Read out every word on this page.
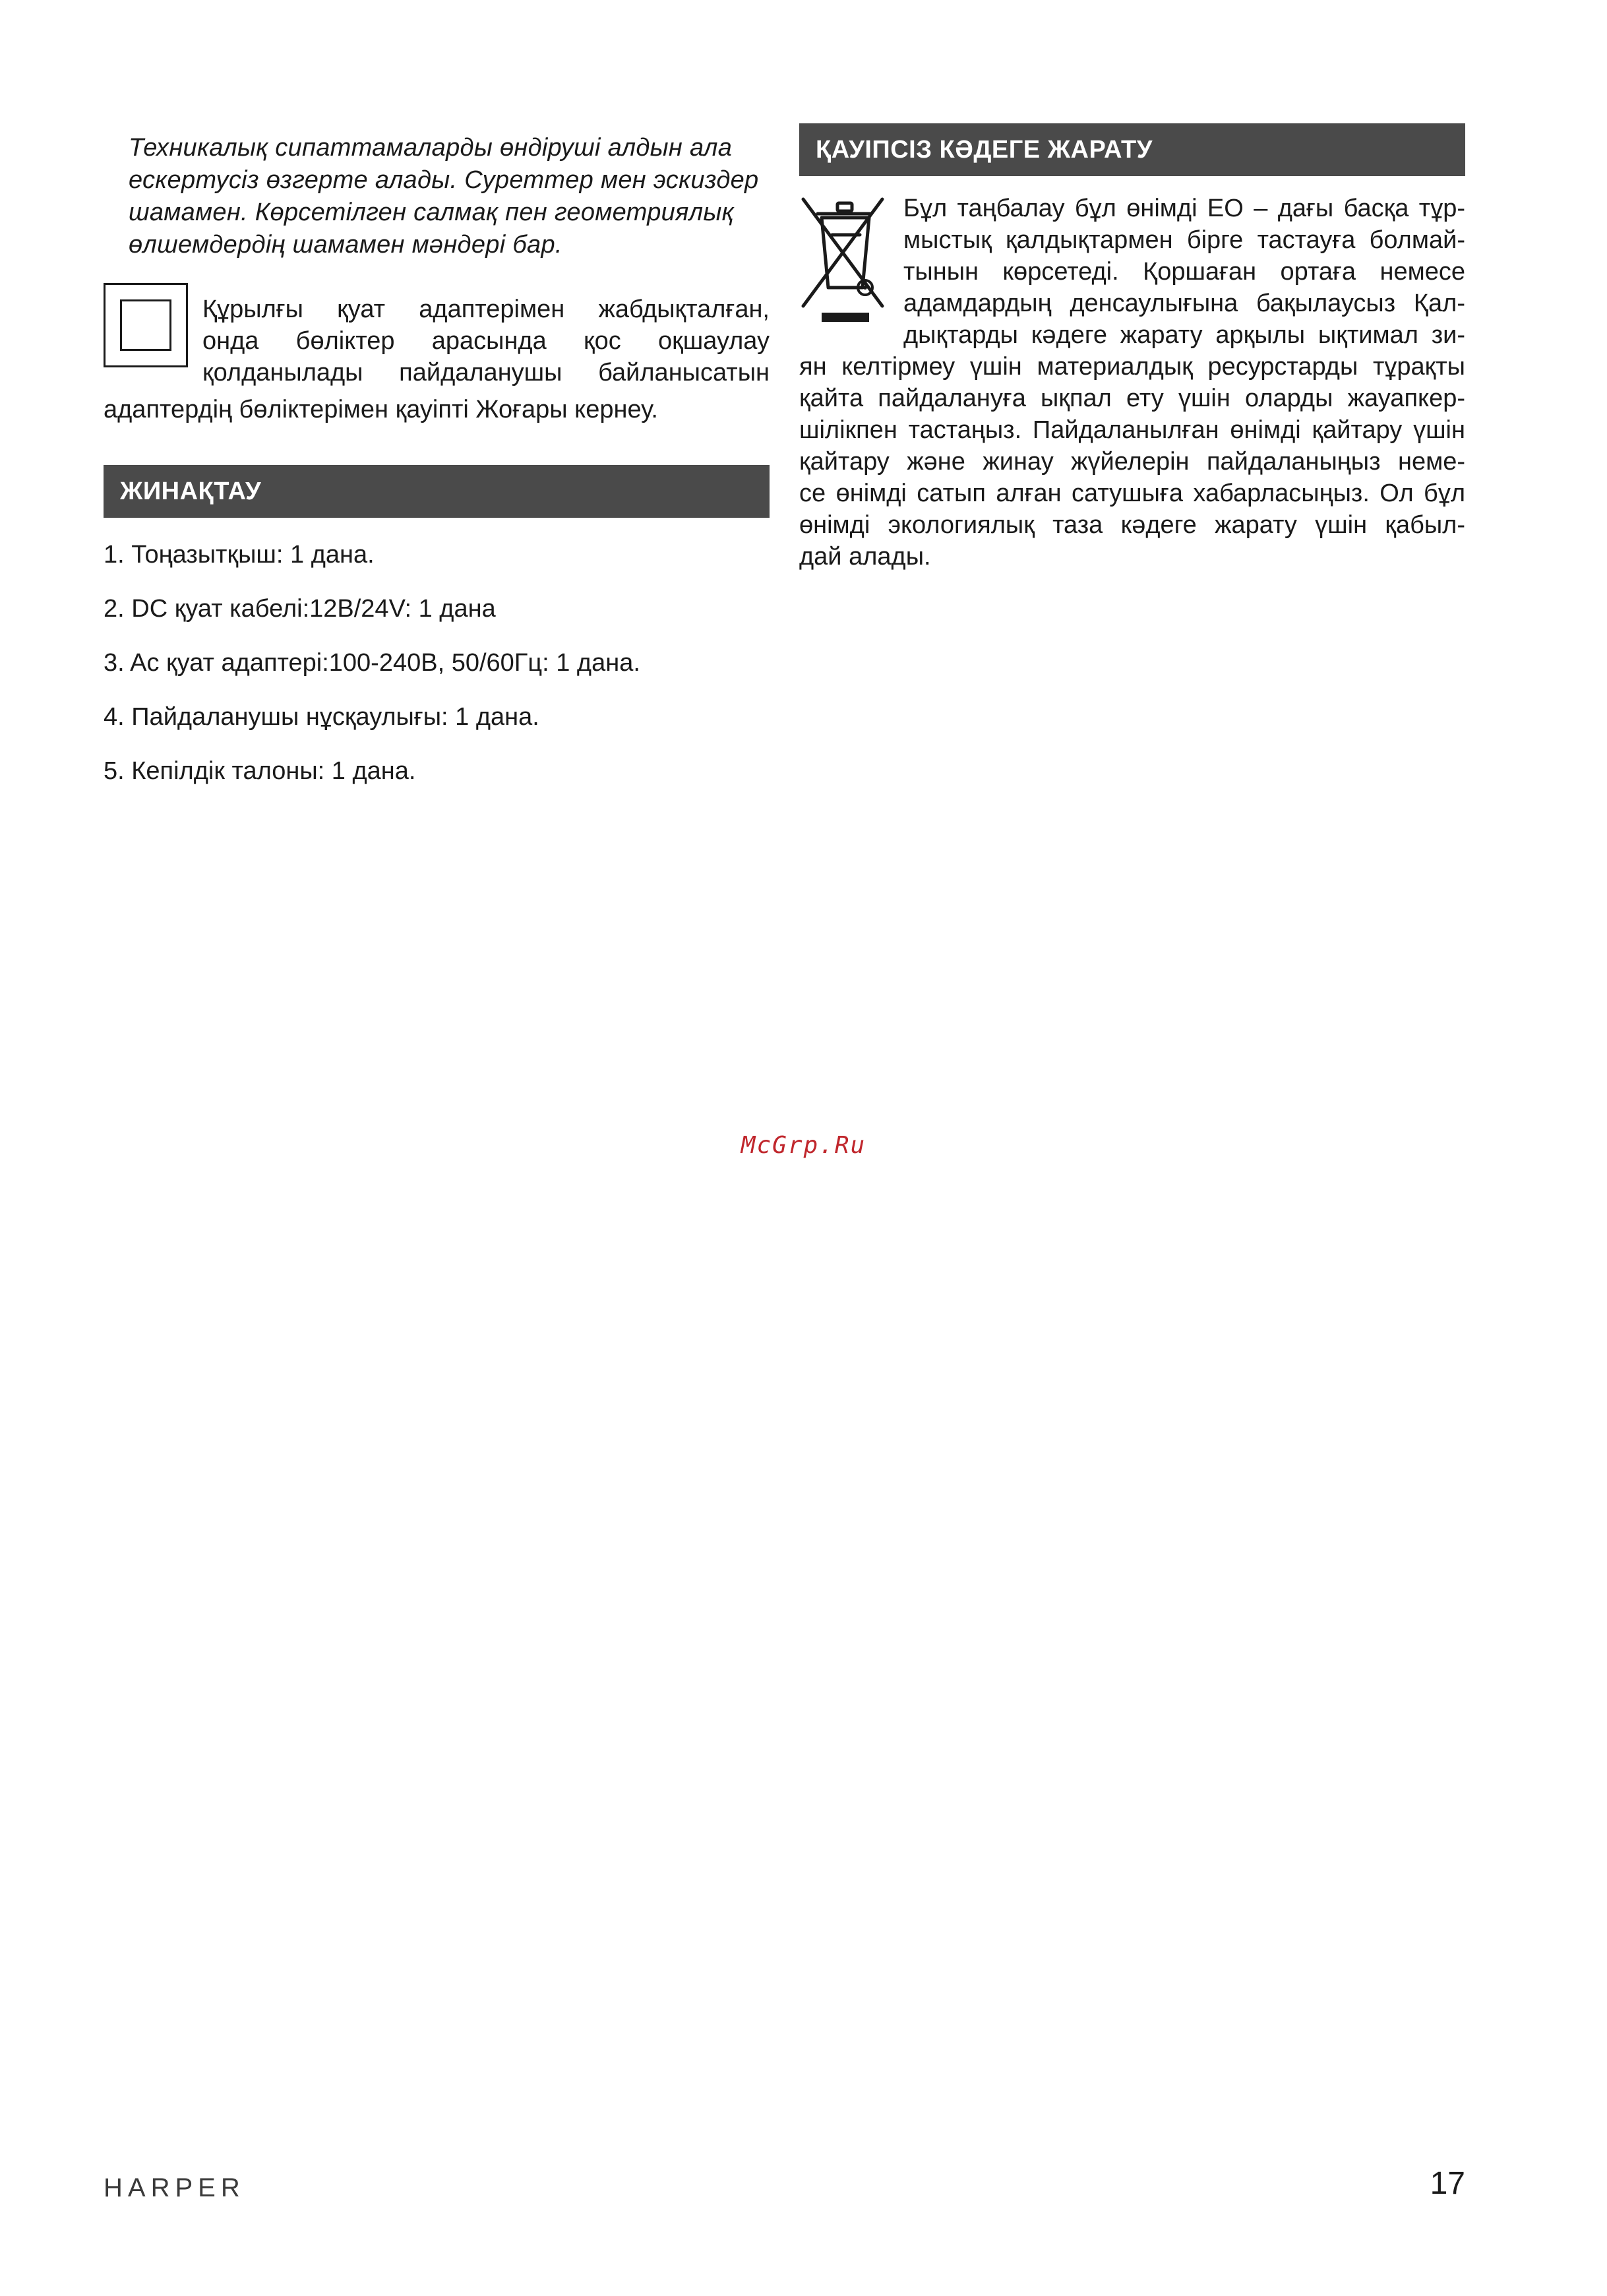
Техникалық сипаттамаларды өндіруші алдын ала

ескертусіз өзгерте алады. Суреттер мен эскиздер

шамамен. Көрсетілген салмақ пен геометриялық

өлшемдердің шамамен мәндері бар.

Құрылғы қуат адаптерімен жабдықталған,
онда бөліктер арасында қос оқшаулау
қолданылады пайдаланушы байланысатын
адаптердің бөліктерімен қауіпті Жоғары кернеу.
ЖИНАҚТАУ
1. Тоңазытқыш: 1 дана.
2. DC қуат кабелі:12В/24V: 1 дана
3. Ac қуат адаптері:100-240В, 50/60Гц: 1 дана.
4. Пайдаланушы нұсқаулығы: 1 дана.
5. Кепілдік талоны: 1 дана.
ҚАУІПСІЗ КӘДЕГЕ ЖАРАТУ
Бұл таңбалау бұл өнімді ЕО – дағы басқа тұр-
мыстық қалдықтармен бірге тастауға болмай-
тынын көрсетеді. Қоршаған ортаға немесе
адамдардың денсаулығына бақылаусыз Қал-
дықтарды кәдеге жарату арқылы ықтимал зи-
ян келтірмеу үшін материалдық ресурстарды тұрақты
қайта пайдалануға ықпал ету үшін оларды жауапкер-
шілікпен тастаңыз. Пайдаланылған өнімді қайтару үшін
қайтару және жинау жүйелерін пайдаланыңыз неме-
се өнімді сатып алған сатушыға хабарласыңыз. Ол бұл
өнімді экологиялық таза кәдеге жарату үшін қабыл-
дай алады.
McGrp.Ru
HARPER	17
